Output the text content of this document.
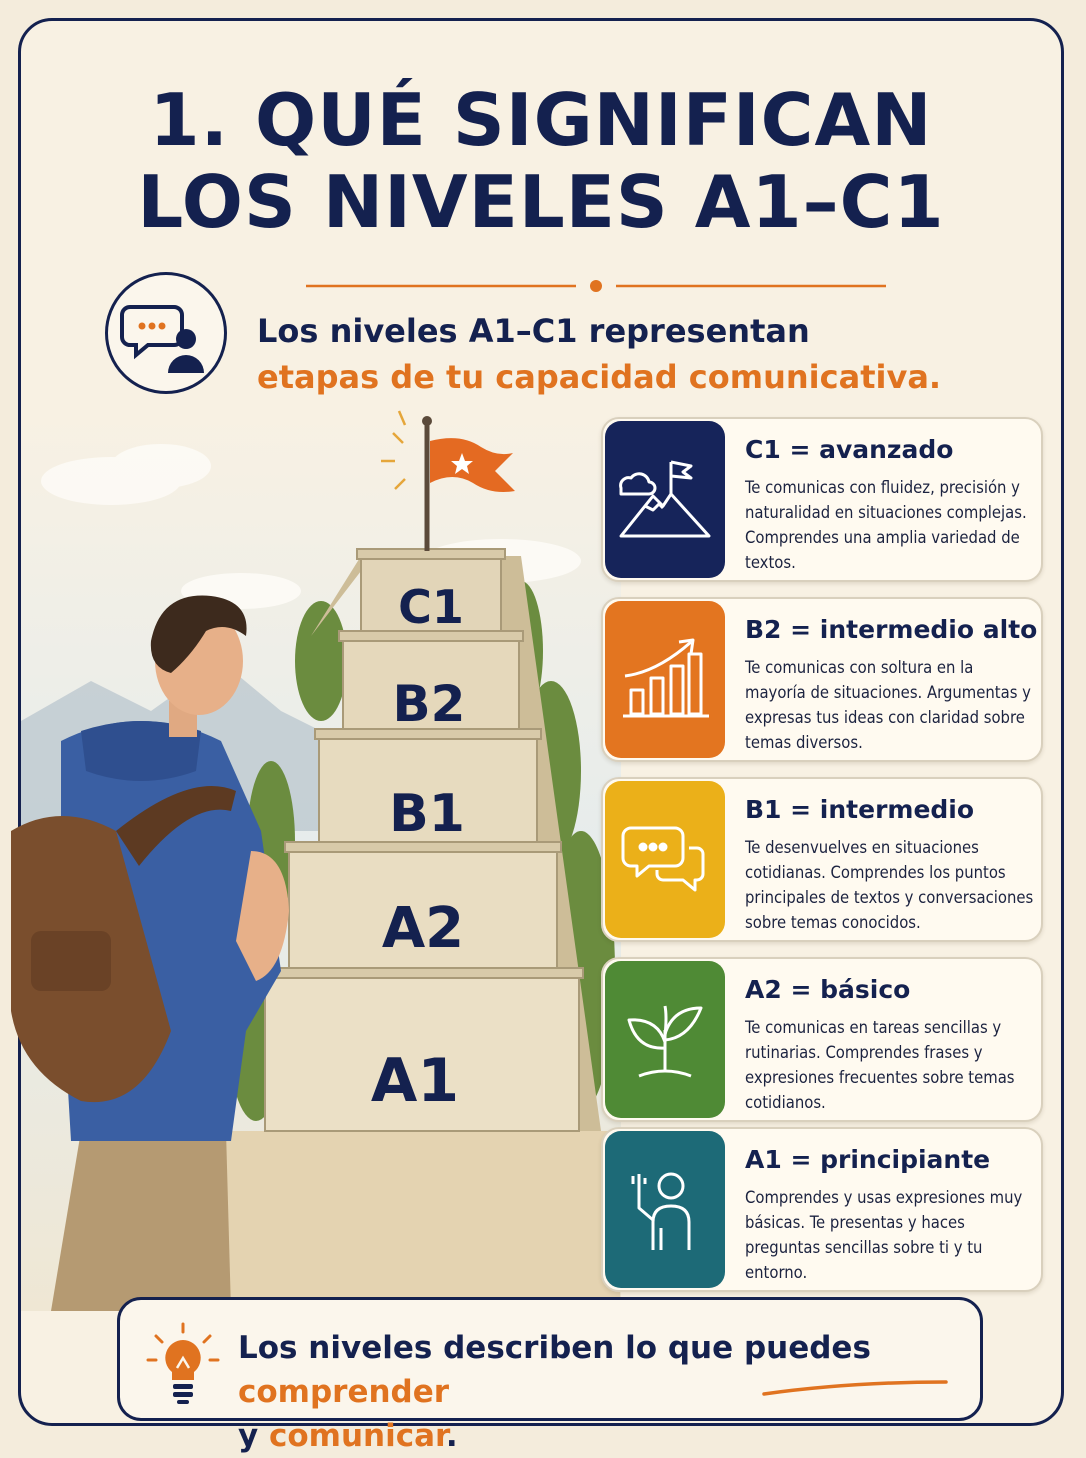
1. QUÉ SIGNIFICAN
LOS NIVELES A1–C1
Los niveles A1–C1 representan
etapas de tu capacidad comunicativa.
C1
B2
B1
A2
A1
C1 = avanzado

Te comunicas con fluidez, precisión y naturalidad en situaciones complejas. Comprendes una amplia variedad de textos.

B2 = intermedio alto

Te comunicas con soltura en la mayoría de situaciones. Argumentas y expresas tus ideas con claridad sobre temas diversos.

B1 = intermedio

Te desenvuelves en situaciones cotidianas. Comprendes los puntos principales de textos y conversaciones sobre temas conocidos.

A2 = básico

Te comunicas en tareas sencillas y rutinarias. Comprendes frases y expresiones frecuentes sobre temas cotidianos.

A1 = principiante

Comprendes y usas expresiones muy básicas. Te presentas y haces preguntas sencillas sobre ti y tu entorno.

Los niveles describen lo que puedes comprender
y comunicar.
